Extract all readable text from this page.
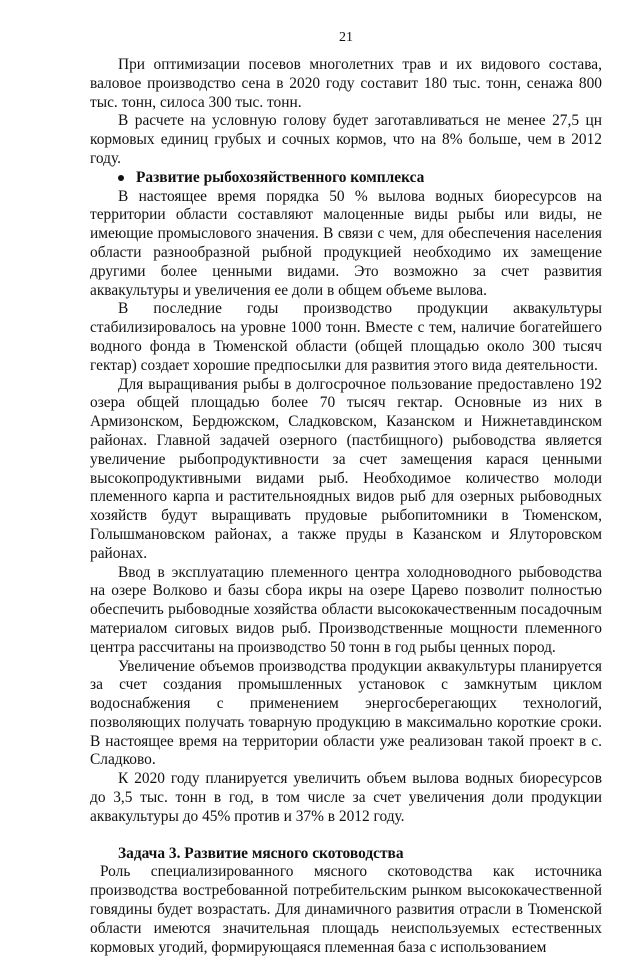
21

При оптимизации посевов многолетних трав и их видового состава, валовое производство сена в 2020 году составит 180 тыс. тонн, сенажа 800 тыс. тонн, силоса 300 тыс. тонн.

В расчете на условную голову будет заготавливаться не менее 27,5 цн кормовых единиц грубых и сочных кормов, что на 8% больше, чем в 2012 году.

Развитие рыбохозяйственного комплекса

В настоящее время порядка 50 % вылова водных биоресурсов на территории области составляют малоценные виды рыбы или виды, не имеющие промыслового значения. В связи с чем, для обеспечения населения области разнообразной рыбной продукцией необходимо их замещение другими более ценными видами. Это возможно за счет развития аквакультуры и увеличения ее доли в общем объеме вылова.

В последние годы производство продукции аквакультуры стабилизировалось на уровне 1000 тонн. Вместе с тем, наличие богатейшего водного фонда в Тюменской области (общей площадью около 300 тысяч гектар) создает хорошие предпосылки для развития этого вида деятельности.

Для выращивания рыбы в долгосрочное пользование предоставлено 192 озера общей площадью более 70 тысяч гектар. Основные из них в Армизонском, Бердюжском, Сладковском, Казанском и Нижнетавдинском районах. Главной задачей озерного (пастбищного) рыбоводства является увеличение рыбопродуктивности за счет замещения карася ценными высокопродуктивными видами рыб. Необходимое количество молоди племенного карпа и растительноядных видов рыб для озерных рыбоводных хозяйств будут выращивать прудовые рыбопитомники в Тюменском, Голышмановском районах, а также пруды в Казанском и Ялуторовском районах.

Ввод в эксплуатацию племенного центра холодноводного рыбоводства на озере Волково и базы сбора икры на озере Царево позволит полностью обеспечить рыбоводные хозяйства области высококачественным посадочным материалом сиговых видов рыб. Производственные мощности племенного центра рассчитаны на производство 50 тонн в год рыбы ценных пород.

Увеличение объемов производства продукции аквакультуры планируется за счет создания промышленных установок с замкнутым циклом водоснабжения с применением энергосберегающих технологий, позволяющих получать товарную продукцию в максимально короткие сроки. В настоящее время на территории области уже реализован такой проект в с. Сладково.

К 2020 году планируется увеличить объем вылова водных биоресурсов до 3,5 тыс. тонн в год, в том числе за счет увеличения доли продукции аквакультуры до 45% против и 37% в 2012 году.

Задача 3. Развитие мясного скотоводства

Роль специализированного мясного скотоводства как источника производства востребованной потребительским рынком высококачественной говядины будет возрастать. Для динамичного развития отрасли в Тюменской области имеются значительная площадь неиспользуемых естественных кормовых угодий, формирующаяся племенная база с использованием
